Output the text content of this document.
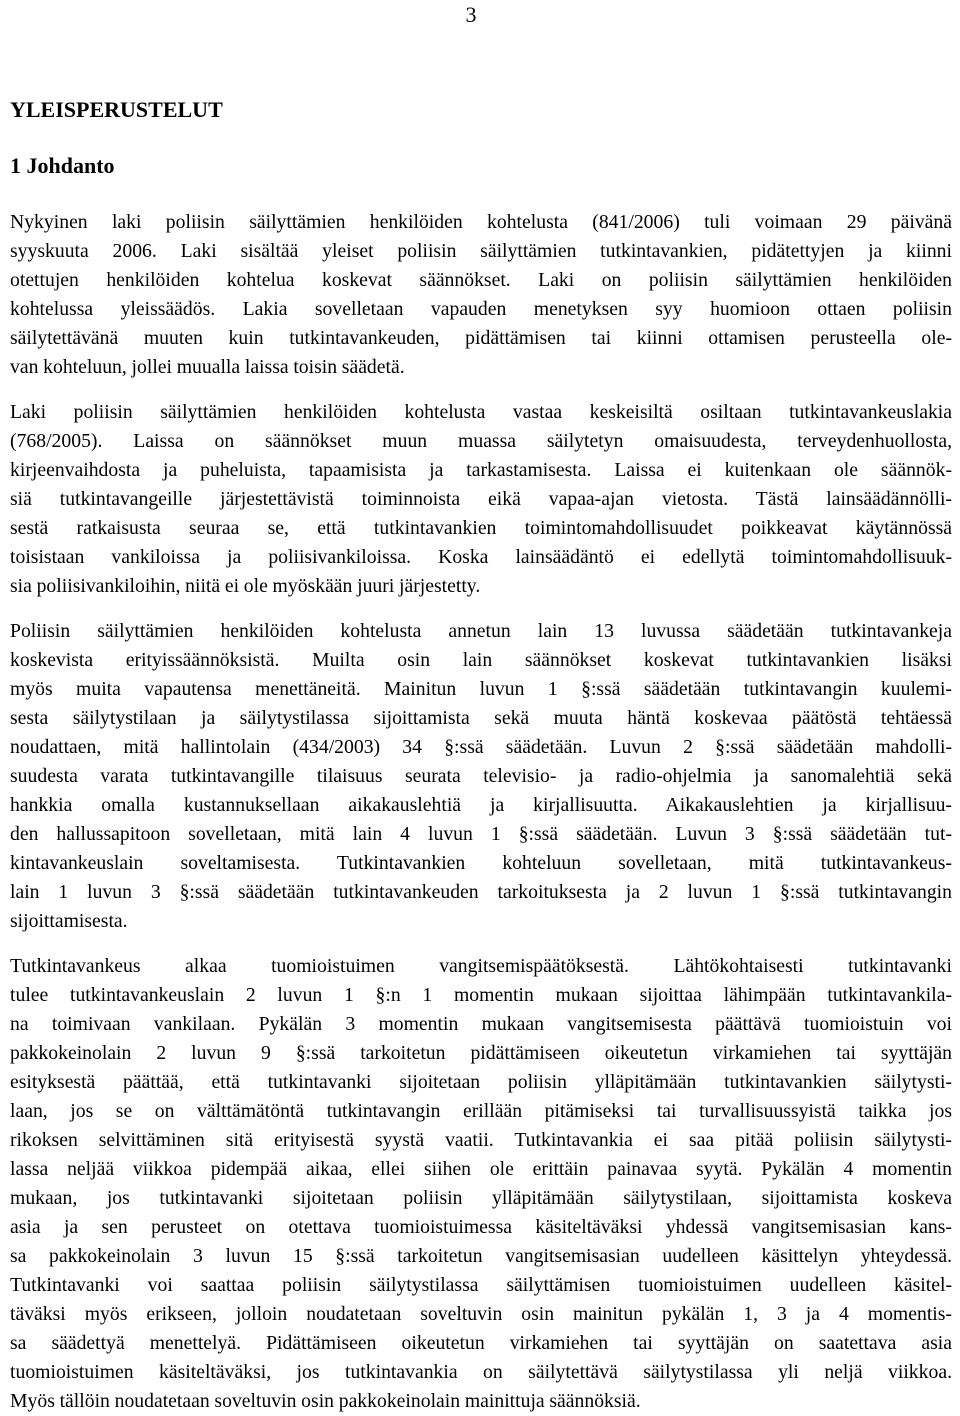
3
YLEISPERUSTELUT
1 Johdanto
Nykyinen laki poliisin säilyttämien henkilöiden kohtelusta (841/2006) tuli voimaan 29 päivänä
syyskuuta 2006. Laki sisältää yleiset poliisin säilyttämien tutkintavankien, pidätettyjen ja kiinni
otettujen henkilöiden kohtelua koskevat säännökset. Laki on poliisin säilyttämien henkilöiden
kohtelussa yleissäädös. Lakia sovelletaan vapauden menetyksen syy huomioon ottaen poliisin
säilytettävänä muuten kuin tutkintavankeuden, pidättämisen tai kiinni ottamisen perusteella ole-
van kohteluun, jollei muualla laissa toisin säädetä.
Laki poliisin säilyttämien henkilöiden kohtelusta vastaa keskeisiltä osiltaan tutkintavankeuslakia
(768/2005). Laissa on säännökset muun muassa säilytetyn omaisuudesta, terveydenhuollosta,
kirjeenvaihdosta ja puheluista, tapaamisista ja tarkastamisesta. Laissa ei kuitenkaan ole säännök-
siä tutkintavangeille järjestettävistä toiminnoista eikä vapaa-ajan vietosta. Tästä lainsäädännölli-
sestä ratkaisusta seuraa se, että tutkintavankien toimintomahdollisuudet poikkeavat käytännössä
toisistaan vankiloissa ja poliisivankiloissa. Koska lainsäädäntö ei edellytä toimintomahdollisuuk-
sia poliisivankiloihin, niitä ei ole myöskään juuri järjestetty.
Poliisin säilyttämien henkilöiden kohtelusta annetun lain 13 luvussa säädetään tutkintavankeja
koskevista erityissäännöksistä. Muilta osin lain säännökset koskevat tutkintavankien lisäksi
myös muita vapautensa menettäneitä. Mainitun luvun 1 §:ssä säädetään tutkintavangin kuulemi-
sesta säilytystilaan ja säilytystilassa sijoittamista sekä muuta häntä koskevaa päätöstä tehtäessä
noudattaen, mitä hallintolain (434/2003) 34 §:ssä säädetään. Luvun 2 §:ssä säädetään mahdolli-
suudesta varata tutkintavangille tilaisuus seurata televisio- ja radio-ohjelmia ja sanomalehtiä sekä
hankkia omalla kustannuksellaan aikakauslehtiä ja kirjallisuutta. Aikakauslehtien ja kirjallisuu-
den hallussapitoon sovelletaan, mitä lain 4 luvun 1 §:ssä säädetään. Luvun 3 §:ssä säädetään tut-
kintavankeuslain soveltamisesta. Tutkintavankien kohteluun sovelletaan, mitä tutkintavankeus-
lain 1 luvun 3 §:ssä säädetään tutkintavankeuden tarkoituksesta ja 2 luvun 1 §:ssä tutkintavangin
sijoittamisesta.
Tutkintavankeus alkaa tuomioistuimen vangitsemispäätöksestä. Lähtökohtaisesti tutkintavanki
tulee tutkintavankeuslain 2 luvun 1 §:n 1 momentin mukaan sijoittaa lähimpään tutkintavankila-
na toimivaan vankilaan. Pykälän 3 momentin mukaan vangitsemisesta päättävä tuomioistuin voi
pakkokeinolain 2 luvun 9 §:ssä tarkoitetun pidättämiseen oikeutetun virkamiehen tai syyttäjän
esityksestä päättää, että tutkintavanki sijoitetaan poliisin ylläpitämään tutkintavankien säilytysti-
laan, jos se on välttämätöntä tutkintavangin erillään pitämiseksi tai turvallisuussyistä taikka jos
rikoksen selvittäminen sitä erityisestä syystä vaatii. Tutkintavankia ei saa pitää poliisin säilytysti-
lassa neljää viikkoa pidempää aikaa, ellei siihen ole erittäin painavaa syytä. Pykälän 4 momentin
mukaan, jos tutkintavanki sijoitetaan poliisin ylläpitämään säilytystilaan, sijoittamista koskeva
asia ja sen perusteet on otettava tuomioistuimessa käsiteltäväksi yhdessä vangitsemisasian kans-
sa pakkokeinolain 3 luvun 15 §:ssä tarkoitetun vangitsemisasian uudelleen käsittelyn yhteydessä.
Tutkintavanki voi saattaa poliisin säilytystilassa säilyttämisen tuomioistuimen uudelleen käsitel-
täväksi myös erikseen, jolloin noudatetaan soveltuvin osin mainitun pykälän 1, 3 ja 4 momentis-
sa säädettyä menettelyä. Pidättämiseen oikeutetun virkamiehen tai syyttäjän on saatettava asia
tuomioistuimen käsiteltäväksi, jos tutkintavankia on säilytettävä säilytystilassa yli neljä viikkoa.
Myös tällöin noudatetaan soveltuvin osin pakkokeinolain mainittuja säännöksiä.
